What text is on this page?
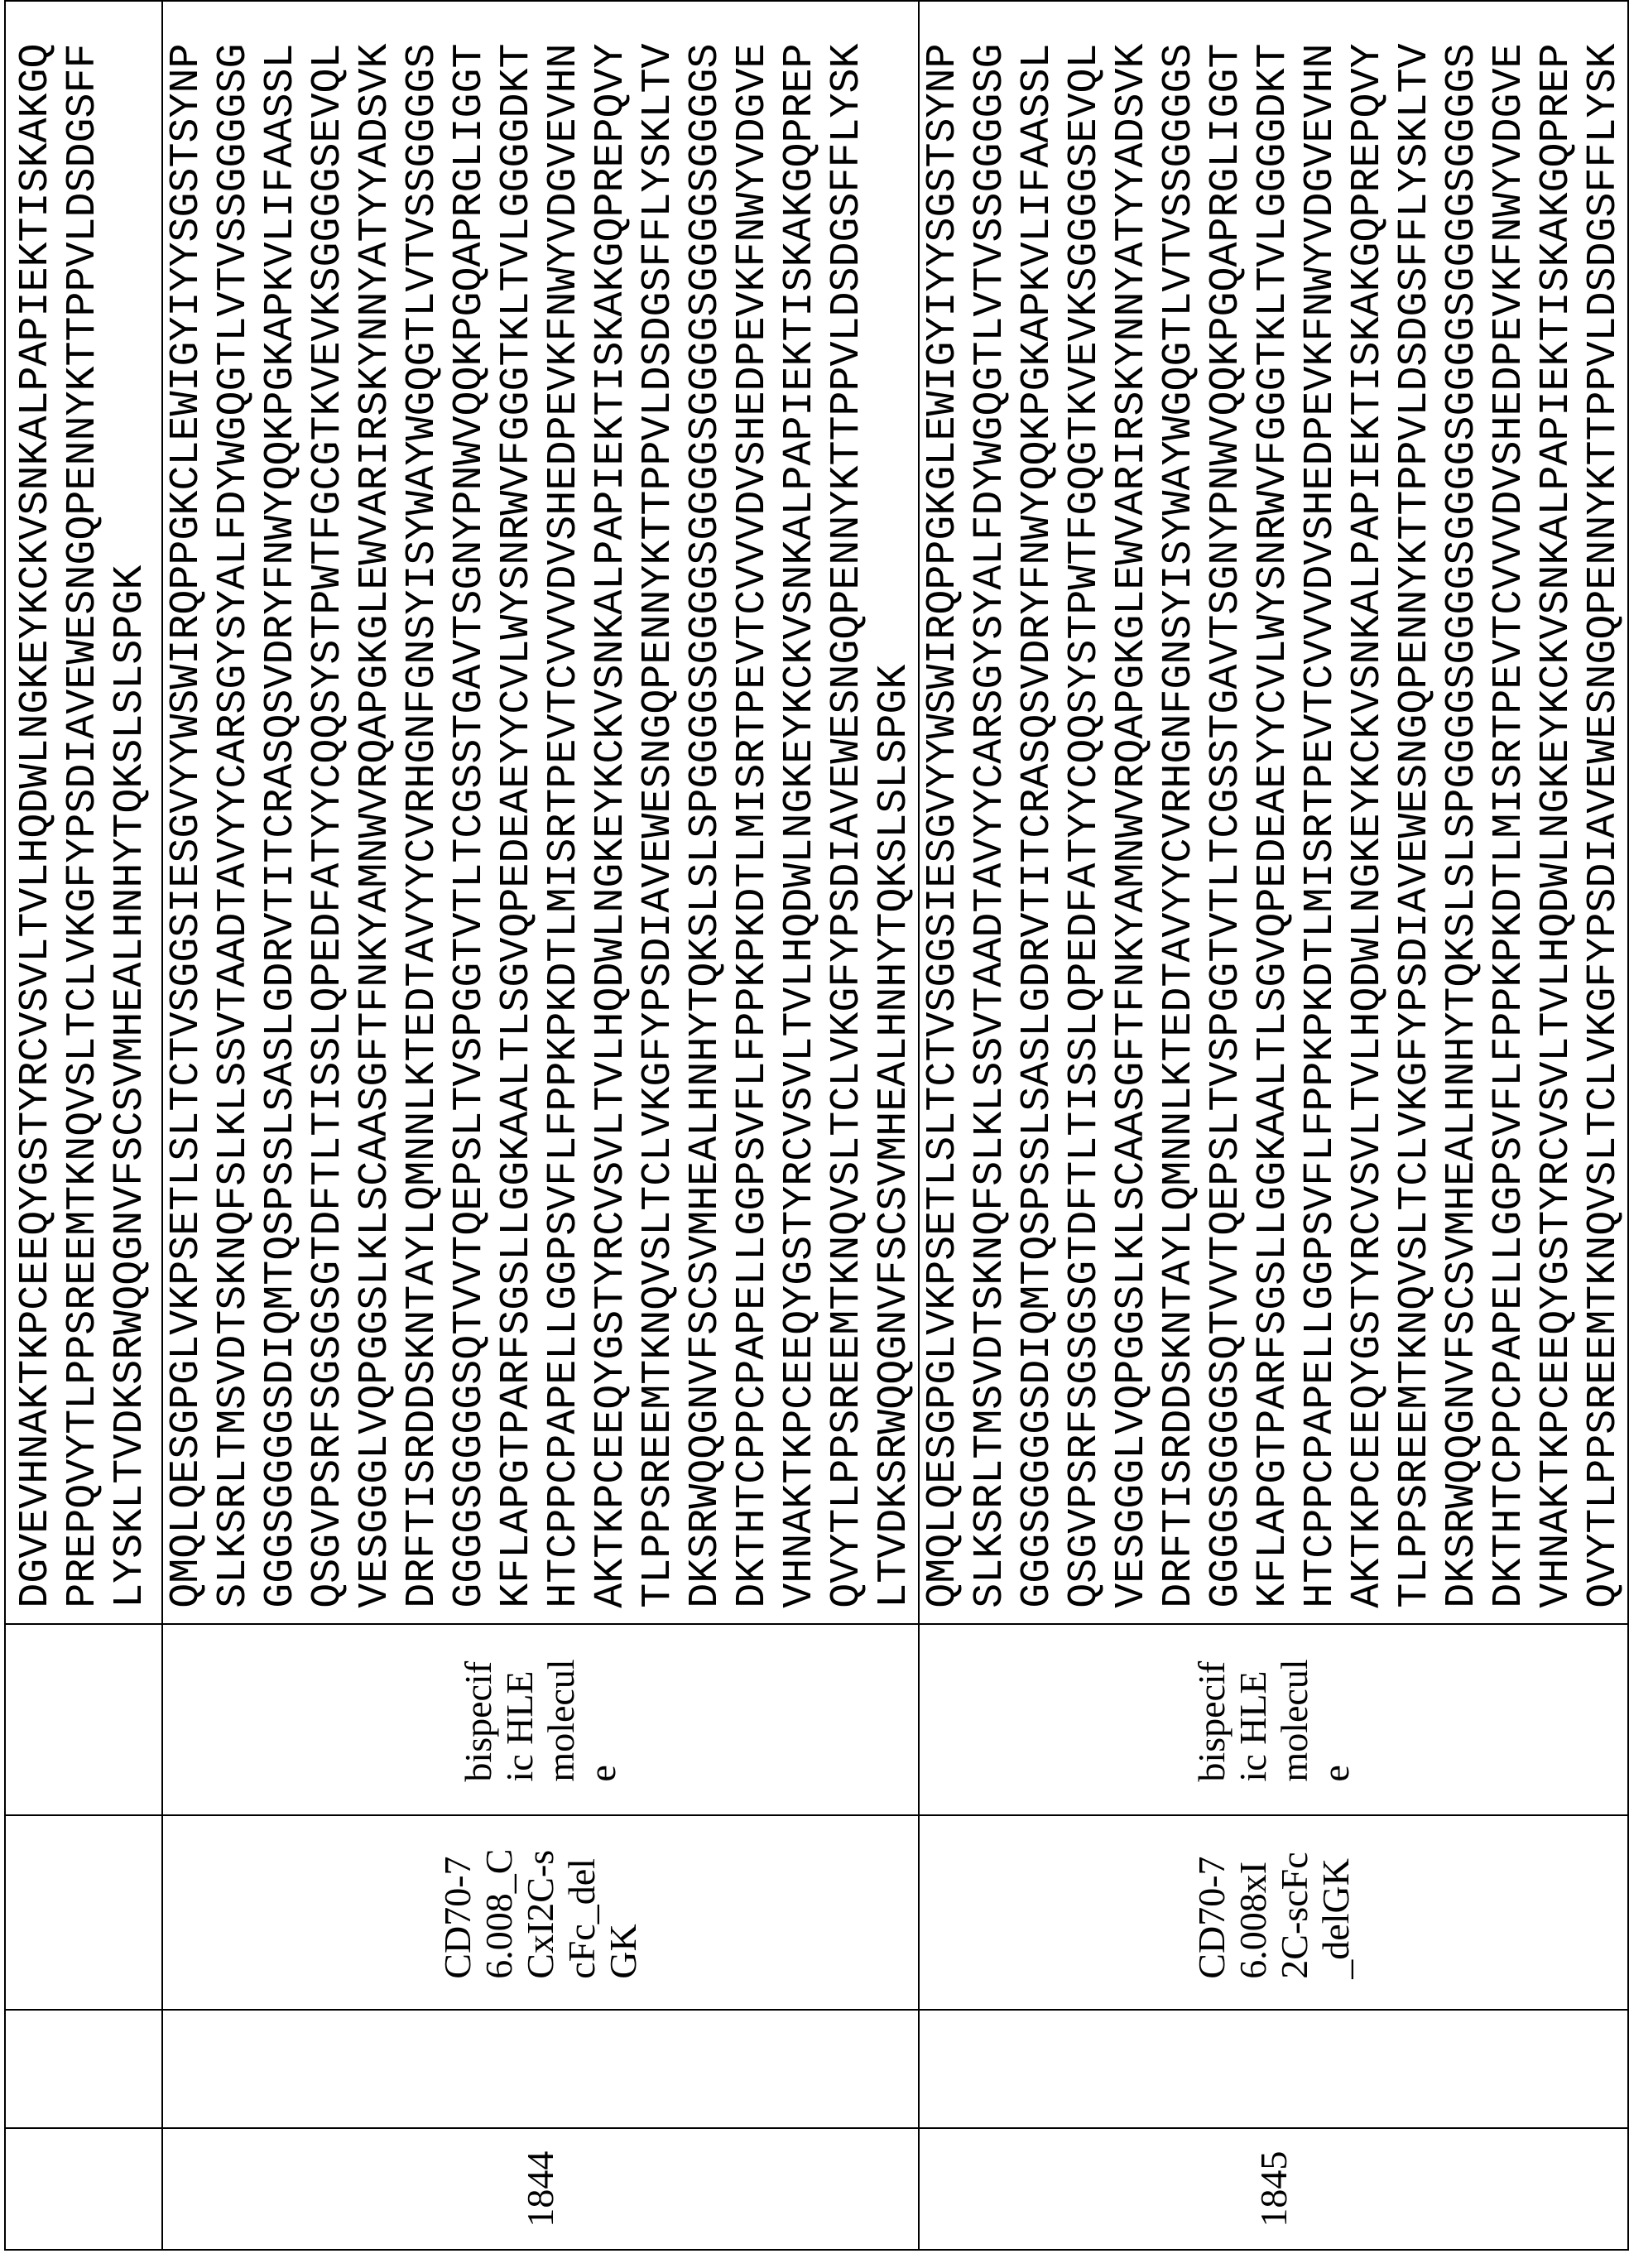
DGVEVHNAKTKPCEEQYGSTYRCVSVLTVLHQDWLNGKEYKCKVSNKALPAPIEKTISKAKGQ PREPQVYTLPPSREEMTKNQVSLTCLVKGFYPSDIAVEWESNGQPENNYKTTPPVLDSDGSFF LYSKLTVDKSRWQQGNVFSCSVMHEALHNHYTQKSLSLSPGK

1844

CD70-76.008_CCxI2C-scFc_delGK

bispecific HLE molecule

QMQLQESGPGLVKPSETLSLTCTVSGGSIESGVYYWSWIRQPPGKCLEWIGYIYYSGSTSYNP SLKSRLTMSVDTSKNQFSLKLSSVTAADTAVYYCARSGYSYALFDYWGQGTLVTVSSGGGGSG GGGSGGGGSDIQMTQSPSSLSASLGDRVTITCRASQSVDRYFNWYQQKPGKAPKVLIFAASSL QSGVPSRFSGSGSGTDFTLTISSLQPEDFATYYCQQSYSTPWTFGCGTKVEVKSGGGGSEVQL VESGGGLVQPGGSLKLSCAASGFTFNKYAMNWVRQAPGKGLEWVARIRSKYNNYATYYADSVK DRFTISRDDSKNTAYLQMNNLKTEDTAVYYCVRHGNFGNSYISYWAYWGQGTLVTVSSGGGGS GGGGSGGGGSQTVVTQEPSLTVSPGGTVTLTCGSSTGAVTSGNYPNWVQQKPGQAPRGLIGGT KFLAPGTPARFSGSLLGGKAALTLSGVQPEDEAEYYCVLWYSNRWVFGGGTKLTVLGGGGDKT HTCPPCPAPELLGGPSVFLFPPKPKDTLMISRTPEVTCVVVDVSHEDPEVKFNWYVDGVEVHN AKTKPCEEQYGSTYRCVSVLTVLHQDWLNGKEYKCKVSNKALPAPIEKTISKAKGQPREPQVY TLPPSREEMTKNQVSLTCLVKGFYPSDIAVEWESNGQPENNYKTTPPVLDSDGSFFLYSKLTV DKSRWQQGNVFSCSVMHEALHNHYTQKSLSLSPGGGGSGGGGSGGGGSGGGGSGGGGSGGGGS DKTHTCPPCPAPELLGGPSVFLFPPKPKDTLMISRTPEVTCVVVDVSHEDPEVKFNWYVDGVE VHNAKTKPCEEQYGSTYRCVSVLTVLHQDWLNGKEYKCKVSNKALPAPIEKTISKAKGQPREP QVYTLPPSREEMTKNQVSLTCLVKGFYPSDIAVEWESNGQPENNYKTTPPVLDSDGSFFLYSK LTVDKSRWQQGNVFSCSVMHEALHNHYTQKSLSLSPGK

1845

CD70-76.008xI2C-scFc_delGK

bispecific HLE molecule

QMQLQESGPGLVKPSETLSLTCTVSGGSIESGVYYWSWIRQPPGKGLEWIGYIYYSGSTSYNP SLKSRLTMSVDTSKNQFSLKLSSVTAADTAVYYCARSGYSYALFDYWGQGTLVTVSSGGGGSG GGGSGGGGSDIQMTQSPSSLSASLGDRVTITCRASQSVDRYFNWYQQKPGKAPKVLIFAASSL QSGVPSRFSGSGSGTDFTLTISSLQPEDFATYYCQQSYSTPWTFGQGTKVEVKSGGGGSEVQL VESGGGLVQPGGSLKLSCAASGFTFNKYAMNWVRQAPGKGLEWVARIRSKYNNYATYYADSVK DRFTISRDDSKNTAYLQMNNLKTEDTAVYYCVRHGNFGNSYISYWAYWGQGTLVTVSSGGGGS GGGGSGGGGSQTVVTQEPSLTVSPGGTVTLTCGSSTGAVTSGNYPNWVQQKPGQAPRGLIGGT KFLAPGTPARFSGSLLGGKAALTLSGVQPEDEAEYYCVLWYSNRWVFGGGTKLTVLGGGGDKT HTCPPCPAPELLGGPSVFLFPPKPKDTLMISRTPEVTCVVVDVSHEDPEVKFNWYVDGVEVHN AKTKPCEEQYGSTYRCVSVLTVLHQDWLNGKEYKCKVSNKALPAPIEKTISKAKGQPREPQVY TLPPSREEMTKNQVSLTCLVKGFYPSDIAVEWESNGQPENNYKTTPPVLDSDGSFFLYSKLTV DKSRWQQGNVFSCSVMHEALHNHYTQKSLSLSPGGGGSGGGGSGGGGSGGGGSGGGGSGGGGS DKTHTCPPCPAPELLGGPSVFLFPPKPKDTLMISRTPEVTCVVVDVSHEDPEVKFNWYVDGVE VHNAKTKPCEEQYGSTYRCVSVLTVLHQDWLNGKEYKCKVSNKALPAPIEKTISKAKGQPREP QVYTLPPSREEMTKNQVSLTCLVKGFYPSDIAVEWESNGQPENNYKTTPPVLDSDGSFFLYSK
